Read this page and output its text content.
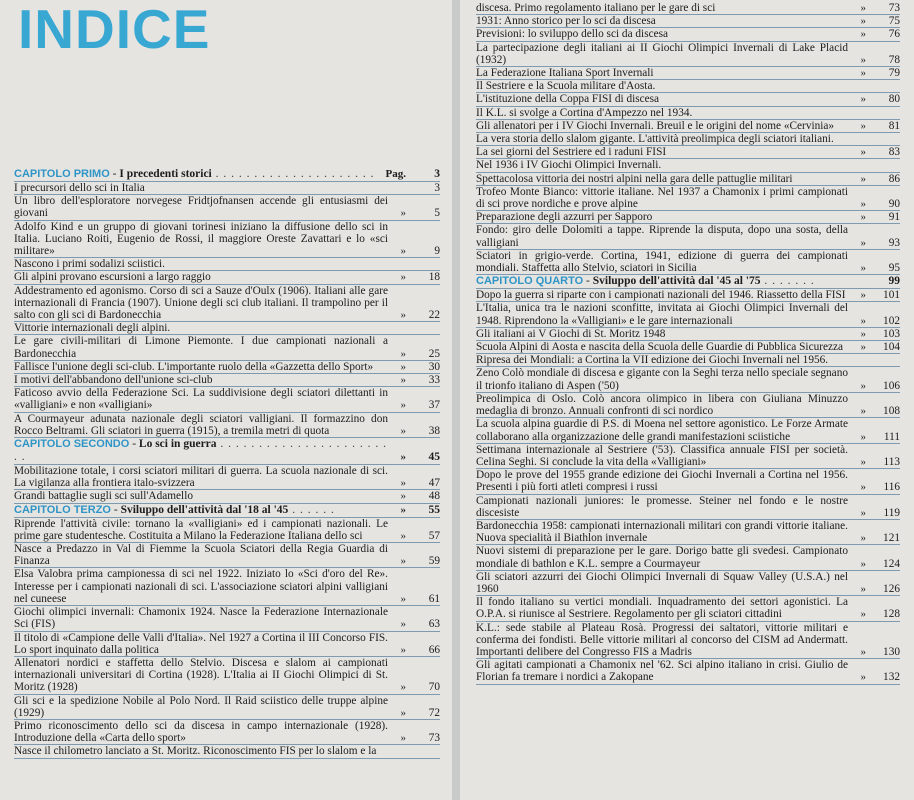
INDICE
CAPITOLO PRIMO - I precedenti storici . . . . . . . . . . . . . . . . . . . . . Pag.	3
I precursori dello sci in Italia	3
Un libro dell'esploratore norvegese Fridtjofnansen accende gli entusiasmi dei giovani	»	5
Adolfo Kind e un gruppo di giovani torinesi iniziano la diffusione dello sci in Italia. Luciano Roiti, Eugenio de Rossi, il maggiore Oreste Zavattari e lo «sci militare»	»	9
Nascono i primi sodalizi sciistici.
Gli alpini provano escursioni a largo raggio	»	18
Addestramento ed agonismo. Corso di sci a Sauze d'Oulx (1906). Italiani alle gare internazionali di Francia (1907). Unione degli sci club italiani. Il trampolino per il salto con gli sci di Bardonecchia	»	22
Vittorie internazionali degli alpini.
Le gare civili-militari di Limone Piemonte. I due campionati nazionali a Bardonecchia	»	25
Fallisce l'unione degli sci-club. L'importante ruolo della «Gazzetta dello Sport»	»	30
I motivi dell'abbandono dell'unione sci-club	»	33
Faticoso avvio della Federazione Sci. La suddivisione degli sciatori dilettanti in «valligiani» e non «valligiani»	»	37
A Courmayeur adunata nazionale degli sciatori valligiani. Il formazzino don Rocco Beltrami. Gli sciatori in guerra (1915), a tremila metri di quota	»	38
CAPITOLO SECONDO - Lo sci in guerra . . . . . . . . . . . . . . . . . . . . . . . .	»	45
Mobilitazione totale, i corsi sciatori militari di guerra. La scuola nazionale di sci. La vigilanza alla frontiera italo-svizzera	»	47
Grandi battaglie sugli sci sull'Adamello	»	48
CAPITOLO TERZO - Sviluppo dell'attività dal '18 al '45 . . . . . .	»	55
Riprende l'attività civile: tornano la «valligiani» ed i campionati nazionali. Le prime gare studentesche. Costituita a Milano la Federazione Italiana dello sci	»	57
Nasce a Predazzo in Val di Fiemme la Scuola Sciatori della Regia Guardia di Finanza	»	59
Elsa Valobra prima campionessa di sci nel 1922. Iniziato lo «Sci d'oro del Re». Interesse per i campionati nazionali di sci. L'associazione sciatori alpini valligiani nel cuneese	»	61
Giochi olimpici invernali: Chamonix 1924. Nasce la Federazione Internazionale Sci (FIS)	»	63
Il titolo di «Campione delle Valli d'Italia». Nel 1927 a Cortina il III Concorso FIS. Lo sport inquinato dalla politica	»	66
Allenatori nordici e staffetta dello Stelvio. Discesa e slalom ai campionati internazionali universitari di Cortina (1928). L'Italia ai II Giochi Olimpici di St. Moritz (1928)	»	70
Gli sci e la spedizione Nobile al Polo Nord. Il Raid sciistico delle truppe alpine (1929)	»	72
Primo riconoscimento dello sci da discesa in campo internazionale (1928). Introduzione della «Carta dello sport»	»	73
Nasce il chilometro lanciato a St. Moritz. Riconoscimento FIS per lo slalom e la
discesa. Primo regolamento italiano per le gare di sci	»	73
1931: Anno storico per lo sci da discesa	»	75
Previsioni: lo sviluppo dello sci da discesa	»	76
La partecipazione degli italiani ai II Giochi Olimpici Invernali di Lake Placid (1932)	»	78
La Federazione Italiana Sport Invernali	»	79
Il Sestriere e la Scuola militare d'Aosta.
L'istituzione della Coppa FISI di discesa	»	80
Il K.L. si svolge a Cortina d'Ampezzo nel 1934.
Gli allenatori per i IV Giochi Invernali. Breuil e le origini del nome «Cervinia»	»	81
La vera storia dello slalom gigante. L'attività preolimpica degli sciatori italiani.
La sei giorni del Sestriere ed i raduni FISI	»	83
Nel 1936 i IV Giochi Olimpici Invernali.
Spettacolosa vittoria dei nostri alpini nella gara delle pattuglie militari	»	86
Trofeo Monte Bianco: vittorie italiane. Nel 1937 a Chamonix i primi campionati di sci prove nordiche e prove alpine	»	90
Preparazione degli azzurri per Sapporo	»	91
Fondo: giro delle Dolomiti a tappe. Riprende la disputa, dopo una sosta, della valligiani	»	93
Sciatori in grigio-verde. Cortina, 1941, edizione di guerra dei campionati mondiali. Staffetta allo Stelvio, sciatori in Sicilia	»	95
CAPITOLO QUARTO - Sviluppo dell'attività dal '45 al '75 . . . . . . .	99
Dopo la guerra si riparte con i campionati nazionali del 1946. Riassetto della FISI »	101
L'Italia, unica tra le nazioni sconfitte, invitata ai Giochi Olimpici Invernali del 1948. Riprendono la «Valligiani» e le gare internazionali	»	102
Gli italiani ai V Giochi di St. Moritz 1948	»	103
Scuola Alpini di Aosta e nascita della Scuola delle Guardie di Pubblica Sicurezza	»	104
Ripresa dei Mondiali: a Cortina la VII edizione dei Giochi Invernali nel 1956.
Zeno Colò mondiale di discesa e gigante con la Seghi terza nello speciale segnano il trionfo italiano di Aspen ('50)	»	106
Preolimpica di Oslo. Colò ancora olimpico in libera con Giuliana Minuzzo medaglia di bronzo. Annuali confronti di sci nordico	»	108
La scuola alpina guardie di P.S. di Moena nel settore agonistico. Le Forze Armate collaborano alla organizzazione delle grandi manifestazioni sciistiche	»	111
Settimana internazionale al Sestriere ('53). Classifica annuale FISI per società. Celina Seghi. Si conclude la vita della «Valligiani»	»	113
Dopo le prove del 1955 grande edizione dei Giochi Invernali a Cortina nel 1956. Presenti i più forti atleti compresi i russi	»	116
Campionati nazionali juniores: le promesse. Steiner nel fondo e le nostre discesiste	»	119
Bardonecchia 1958: campionati internazionali militari con grandi vittorie italiane. Nuova specialità il Biathlon invernale	»	121
Nuovi sistemi di preparazione per le gare. Dorigo batte gli svedesi. Campionato mondiale di bathlon e K.L. sempre a Courmayeur	»	124
Gli sciatori azzurri dei Giochi Olimpici Invernali di Squaw Valley (U.S.A.) nel 1960	»	126
Il fondo italiano su vertici mondiali. Inquadramento dei settori agonistici. La O.P.A. si riunisce al Sestriere. Regolamento per gli sciatori cittadini	»	128
K.L.: sede stabile al Plateau Rosà. Progressi dei saltatori, vittorie militari e conferma dei fondisti. Belle vittorie militari al concorso del CISM ad Andermatt. Importanti delibere del Congresso FIS a Madris	»	130
Gli agitati campionati a Chamonix nel '62. Sci alpino italiano in crisi. Giulio de Florian fa tremare i nordici a Zakopane	»	132
